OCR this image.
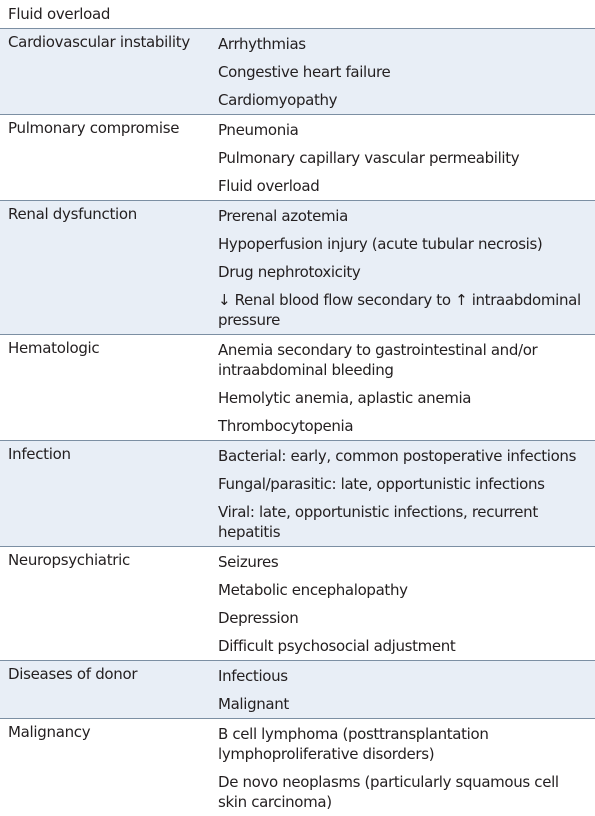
Fluid overload	

Cardiovascular instability	Arrhythmias
Congestive heart failure
Cardiomyopathy

Pulmonary compromise	Pneumonia
Pulmonary capillary vascular permeability
Fluid overload

Renal dysfunction	Prerenal azotemia
Hypoperfusion injury (acute tubular necrosis)
Drug nephrotoxicity
↓ Renal blood flow secondary to ↑ intraabdominal pressure

Hematologic	Anemia secondary to gastrointestinal and/or intraabdominal bleeding
Hemolytic anemia, aplastic anemia
Thrombocytopenia

Infection	Bacterial: early, common postoperative infections
Fungal/parasitic: late, opportunistic infections
Viral: late, opportunistic infections, recurrent hepatitis

Neuropsychiatric	Seizures
Metabolic encephalopathy
Depression
Difficult psychosocial adjustment

Diseases of donor	Infectious
Malignant

Malignancy	B cell lymphoma (posttransplantation lymphoproliferative disorders)
De novo neoplasms (particularly squamous cell skin carcinoma)
